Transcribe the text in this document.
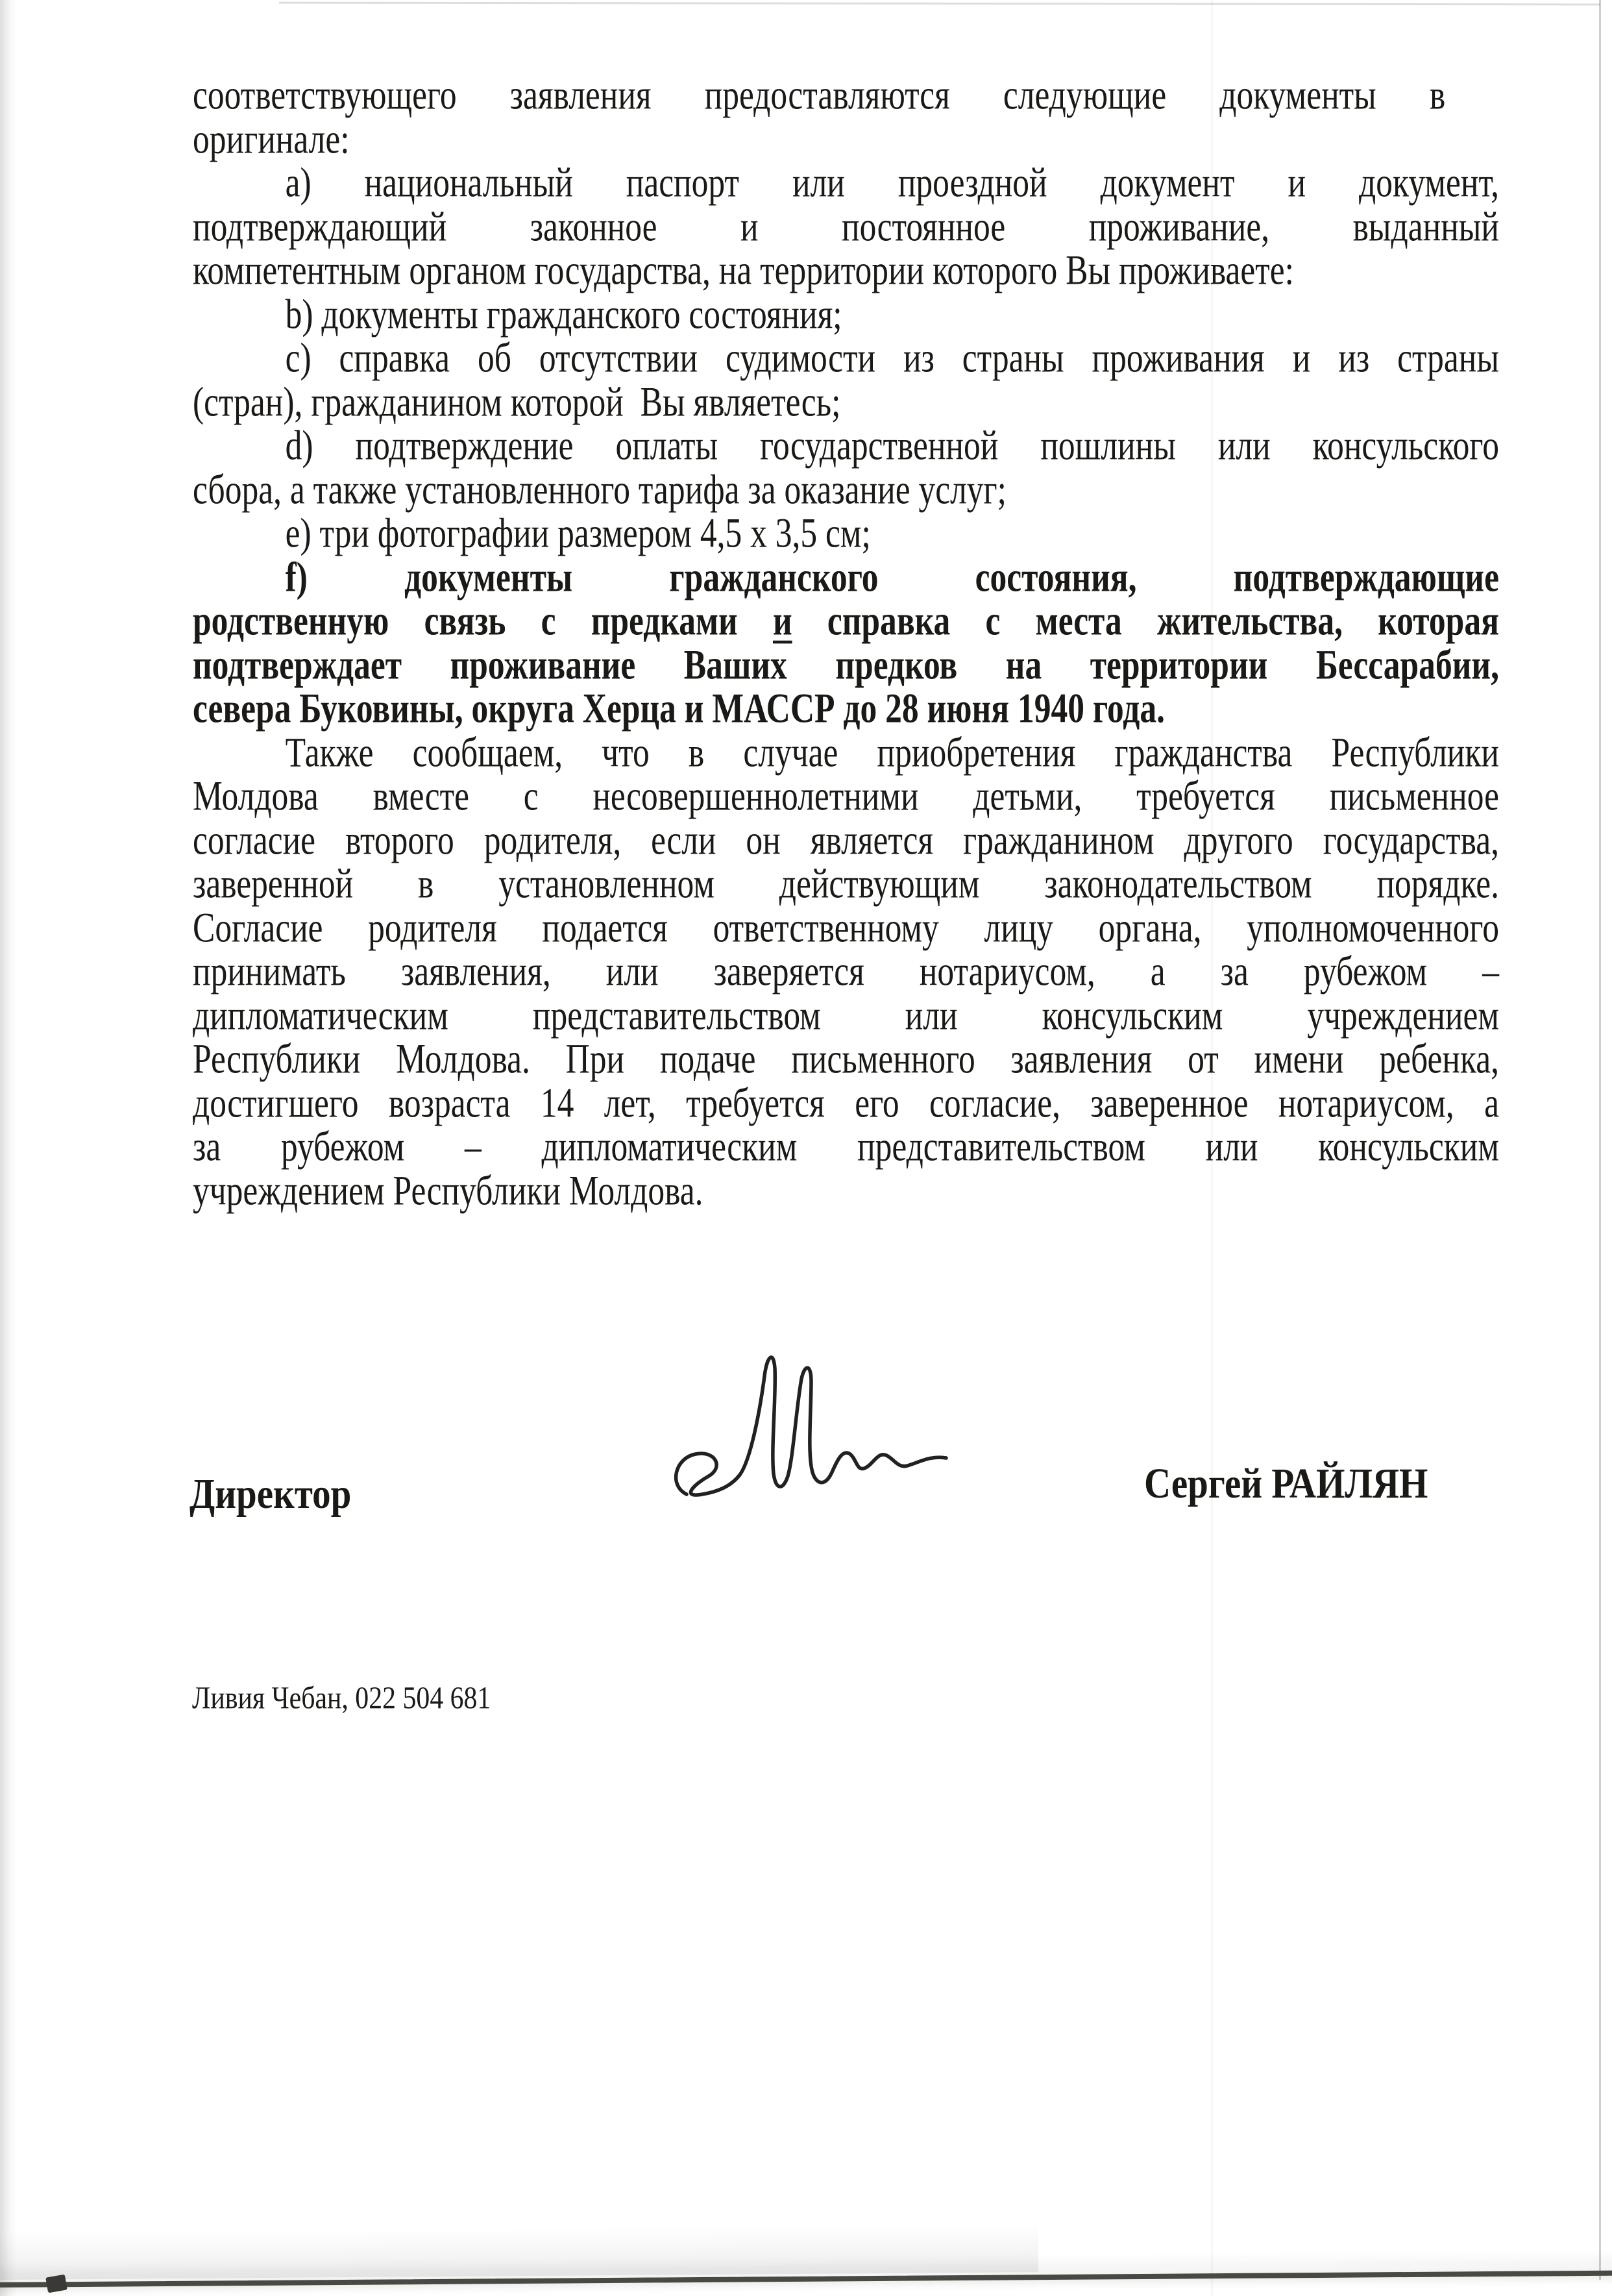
соответствующего заявления предоставляются следующие документы в
оригинале:
a) национальный паспорт или проездной документ и документ,
подтверждающий законное и постоянное проживание, выданный
компетентным органом государства, на территории которого Вы проживаете:
b) документы гражданского состояния;
c) справка об отсутствии судимости из страны проживания и из страны
(стран), гражданином которой  Вы являетесь;
d) подтверждение оплаты государственной пошлины или консульского
сбора, а также установленного тарифа за оказание услуг;
e) три фотографии размером 4,5 х 3,5 см;
f) документы гражданского состояния, подтверждающие
родственную связь с предками и справка с места жительства, которая
подтверждает проживание Ваших предков на территории Бессарабии,
севера Буковины, округа Херца и МАССР до 28 июня 1940 года.
Также сообщаем, что в случае приобретения гражданства Республики
Молдова вместе с несовершеннолетними детьми, требуется письменное
согласие второго родителя, если он является гражданином другого государства,
заверенной в установленном действующим законодательством порядке.
Согласие родителя подается ответственному лицу органа, уполномоченного
принимать заявления, или заверяется нотариусом, а за рубежом –
дипломатическим представительством или консульским учреждением
Республики Молдова. При подаче письменного заявления от имени ребенка,
достигшего возраста 14 лет, требуется его согласие, заверенное нотариусом, а
за рубежом – дипломатическим представительством или консульским
учреждением Республики Молдова.
Директор	Сергей РАЙЛЯН
Ливия Чебан, 022 504 681
